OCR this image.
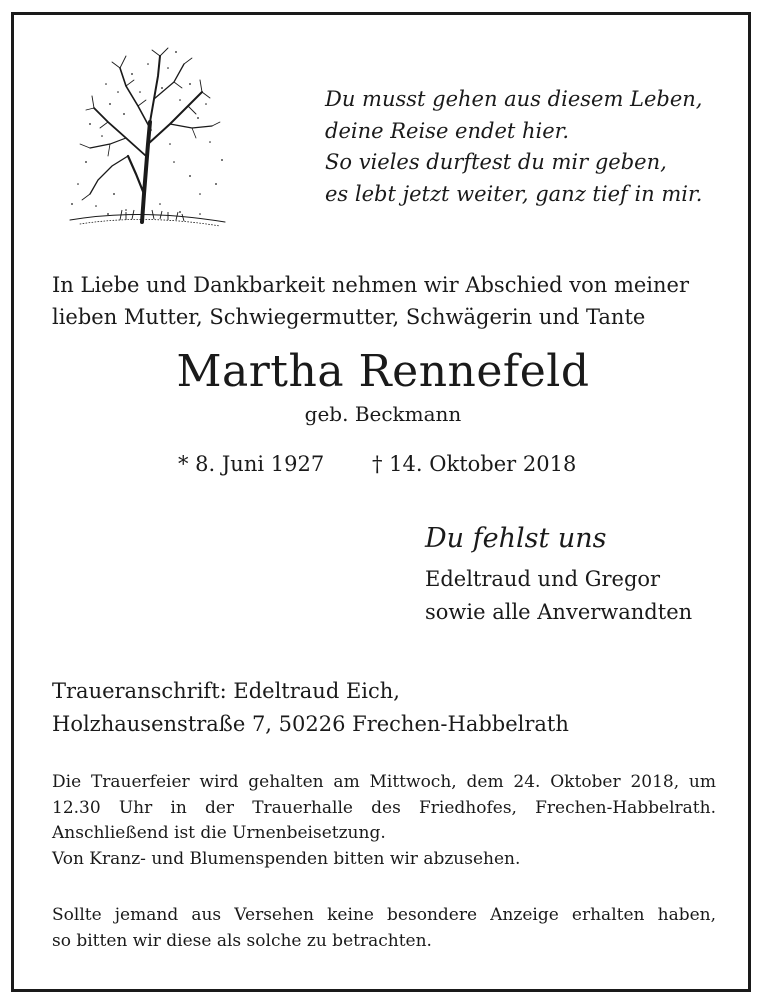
Du musst gehen aus diesem Leben,
deine Reise endet hier.
So vieles durftest du mir geben,
es lebt jetzt weiter, ganz tief in mir.
In Liebe und Dankbarkeit nehmen wir Abschied von meiner
lieben Mutter, Schwiegermutter, Schwägerin und Tante
Martha Rennefeld
geb. Beckmann
* 8. Juni 1927 † 14. Oktober 2018
Du fehlst uns
Edeltraud und Gregor
sowie alle Anverwandten
Traueranschrift: Edeltraud Eich,
Holzhausenstraße 7, 50226 Frechen-Habbelrath
Die Trauerfeier wird gehalten am Mittwoch, dem 24. Oktober 2018, um
12.30 Uhr in der Trauerhalle des Friedhofes, Frechen-Habbelrath.
Anschließend ist die Urnenbeisetzung.
Von Kranz- und Blumenspenden bitten wir abzusehen.
Sollte jemand aus Versehen keine besondere Anzeige erhalten haben,
so bitten wir diese als solche zu betrachten.
